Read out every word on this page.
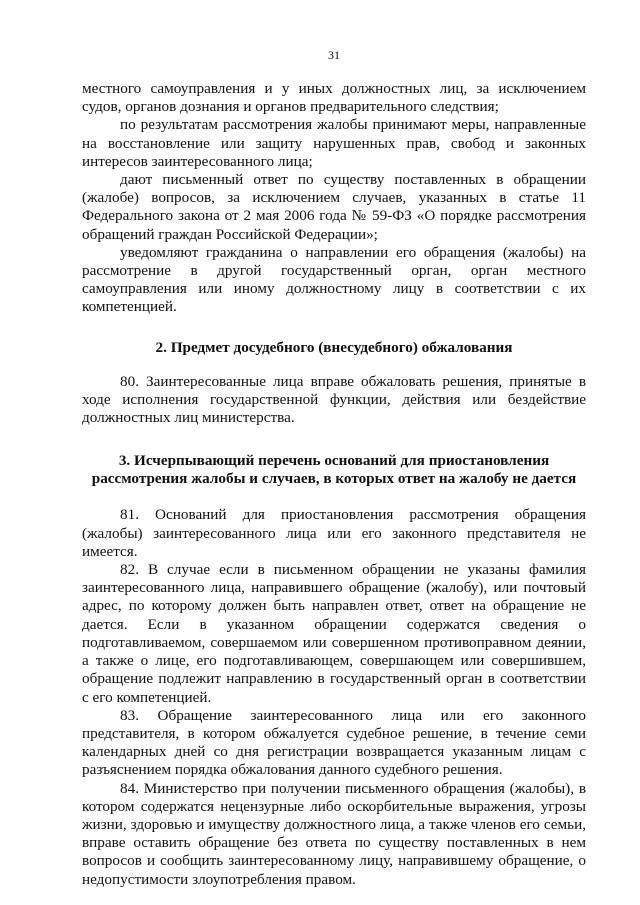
31

местного самоуправления и у иных должностных лиц, за исключением судов, органов дознания и органов предварительного следствия;

по результатам рассмотрения жалобы принимают меры, направленные на восстановление или защиту нарушенных прав, свобод и законных интересов заинтересованного лица;

дают письменный ответ по существу поставленных в обращении (жалобе) вопросов, за исключением случаев, указанных в статье 11 Федерального закона от 2 мая 2006 года № 59-ФЗ «О порядке рассмотрения обращений граждан Российской Федерации»;

уведомляют гражданина о направлении его обращения (жалобы) на рассмотрение в другой государственный орган, орган местного самоуправления или иному должностному лицу в соответствии с их компетенцией.

2. Предмет досудебного (внесудебного) обжалования

80. Заинтересованные лица вправе обжаловать решения, принятые в ходе исполнения государственной функции, действия или бездействие должностных лиц министерства.

3. Исчерпывающий перечень оснований для приостановления
рассмотрения жалобы и случаев, в которых ответ на жалобу не дается

81. Оснований для приостановления рассмотрения обращения (жалобы) заинтересованного лица или его законного представителя не имеется.

82. В случае если в письменном обращении не указаны фамилия заинтересованного лица, направившего обращение (жалобу), или почтовый адрес, по которому должен быть направлен ответ, ответ на обращение не дается. Если в указанном обращении содержатся сведения о подготавливаемом, совершаемом или совершенном противоправном деянии, а также о лице, его подготавливающем, совершающем или совершившем, обращение подлежит направлению в государственный орган в соответствии с его компетенцией.

83. Обращение заинтересованного лица или его законного представителя, в котором обжалуется судебное решение, в течение семи календарных дней со дня регистрации возвращается указанным лицам с разъяснением порядка обжалования данного судебного решения.

84. Министерство при получении письменного обращения (жалобы), в котором содержатся нецензурные либо оскорбительные выражения, угрозы жизни, здоровью и имуществу должностного лица, а также членов его семьи, вправе оставить обращение без ответа по существу поставленных в нем вопросов и сообщить заинтересованному лицу, направившему обращение, о недопустимости злоупотребления правом.
